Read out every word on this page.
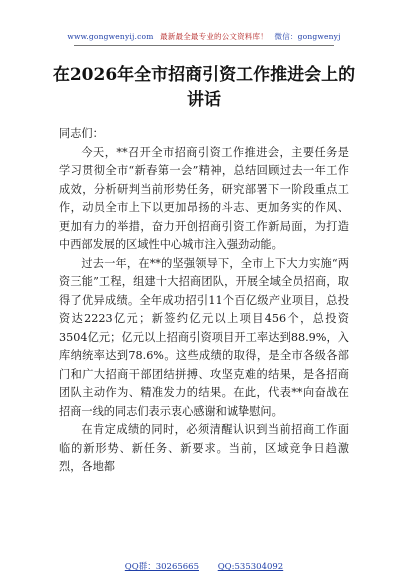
www.gongwenyij.com 最新最全最专业的公文资料库！ 微信：gongwenyj
在2026年全市招商引资工作推进会上的
讲话

同志们：

今天，**召开全市招商引资工作推进会，主要任务是学习贯彻全市“新春第一会”精神，总结回顾过去一年工作成效，分析研判当前形势任务，研究部署下一阶段重点工作，动员全市上下以更加昂扬的斗志、更加务实的作风、更加有力的举措，奋力开创招商引资工作新局面，为打造中西部发展的区域性中心城市注入强劲动能。

过去一年，在**的坚强领导下，全市上下大力实施“两资三能”工程，组建十大招商团队，开展全域全员招商，取得了优异成绩。全年成功招引11个百亿级产业项目，总投资达2223亿元；新签约亿元以上项目456个，总投资3504亿元；亿元以上招商引资项目开工率达到88.9%，入库纳统率达到78.6%。这些成绩的取得，是全市各级各部门和广大招商干部团结拼搏、攻坚克难的结果，是各招商团队主动作为、精准发力的结果。在此，代表**向奋战在招商一线的同志们表示衷心感谢和诚挚慰问。

在肯定成绩的同时，必须清醒认识到当前招商工作面临的新形势、新任务、新要求。当前，区域竞争日趋激烈，各地都

QQ群：30265665 QQ:535304092
